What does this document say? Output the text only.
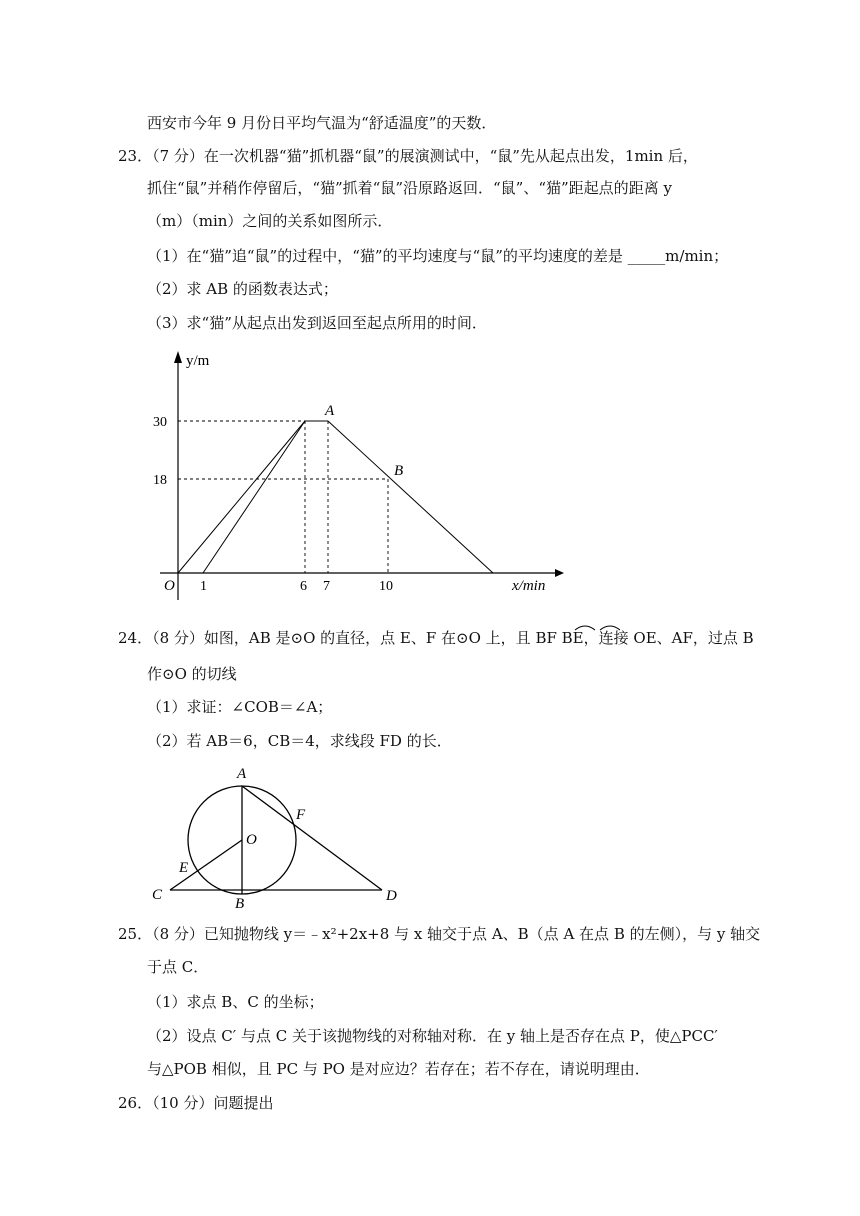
西安市今年 9 月份日平均气温为“舒适温度”的天数．
23．（7 分）在一次机器“猫”抓机器“鼠”的展演测试中，“鼠”先从起点出发，1min 后，
抓住“鼠”并稍作停留后，“猫”抓着“鼠”沿原路返回．“鼠”、“猫”距起点的距离 y
（m）（min）之间的关系如图所示．
（1）在“猫”追“鼠”的过程中，“猫”的平均速度与“鼠”的平均速度的差是 _____m/min；
（2）求 AB 的函数表达式；
（3）求“猫”从起点出发到返回至起点所用的时间．
y/m
x/min
O
30
18
1	6 7	10
A
B
24．（8 分）如图，AB 是⊙O 的直径，点 E、F 在⊙O 上，且 BF BE，连接 OE、AF，过点 B
作⊙O 的切线
（1）求证：∠COB＝∠A；
（2）若 AB＝6，CB＝4，求线段 FD 的长．
A
O
F
E
C
B	D
25．（8 分）已知抛物线 y＝﹣x²+2x+8 与 x 轴交于点 A、B（点 A 在点 B 的左侧），与 y 轴交
于点 C．
（1）求点 B、C 的坐标；
（2）设点 C′ 与点 C 关于该抛物线的对称轴对称．在 y 轴上是否存在点 P，使△PCC′
与△POB 相似，且 PC 与 PO 是对应边？若存在；若不存在，请说明理由．
26．（10 分）问题提出
